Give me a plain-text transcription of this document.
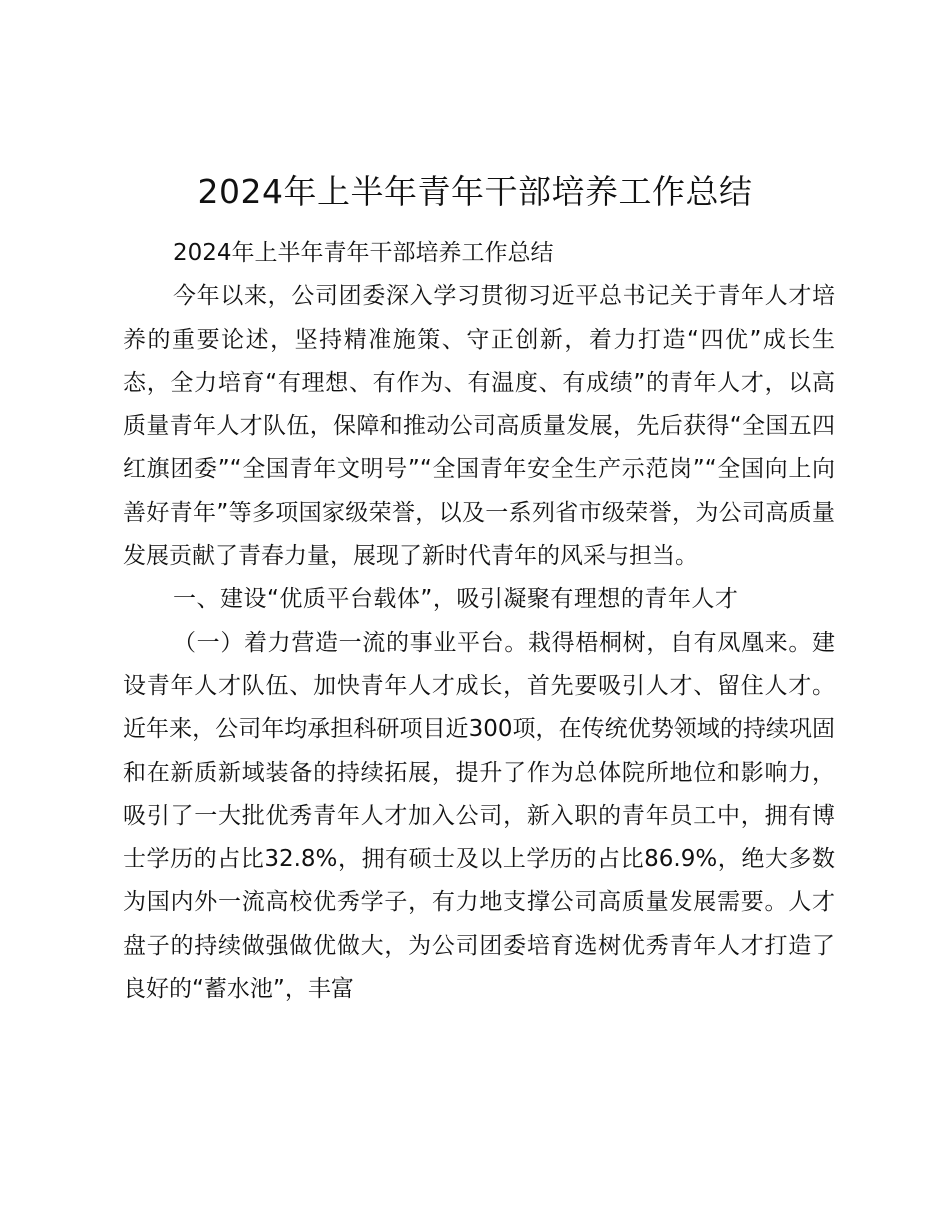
2024年上半年青年干部培养工作总结

2024年上半年青年干部培养工作总结

今年以来，公司团委深入学习贯彻习近平总书记关于青年人才培养的重要论述，坚持精准施策、守正创新，着力打造“四优”成长生态，全力培育“有理想、有作为、有温度、有成绩”的青年人才，以高质量青年人才队伍，保障和推动公司高质量发展，先后获得“全国五四红旗团委”“全国青年文明号”“全国青年安全生产示范岗”“全国向上向善好青年”等多项国家级荣誉，以及一系列省市级荣誉，为公司高质量发展贡献了青春力量，展现了新时代青年的风采与担当。

一、建设“优质平台载体”，吸引凝聚有理想的青年人才

（一）着力营造一流的事业平台。栽得梧桐树，自有凤凰来。建设青年人才队伍、加快青年人才成长，首先要吸引人才、留住人才。近年来，公司年均承担科研项目近300项，在传统优势领域的持续巩固和在新质新域装备的持续拓展，提升了作为总体院所地位和影响力，吸引了一大批优秀青年人才加入公司，新入职的青年员工中，拥有博士学历的占比32.8%，拥有硕士及以上学历的占比86.9%，绝大多数为国内外一流高校优秀学子，有力地支撑公司高质量发展需要。人才盘子的持续做强做优做大，为公司团委培育选树优秀青年人才打造了良好的“蓄水池”，丰富
